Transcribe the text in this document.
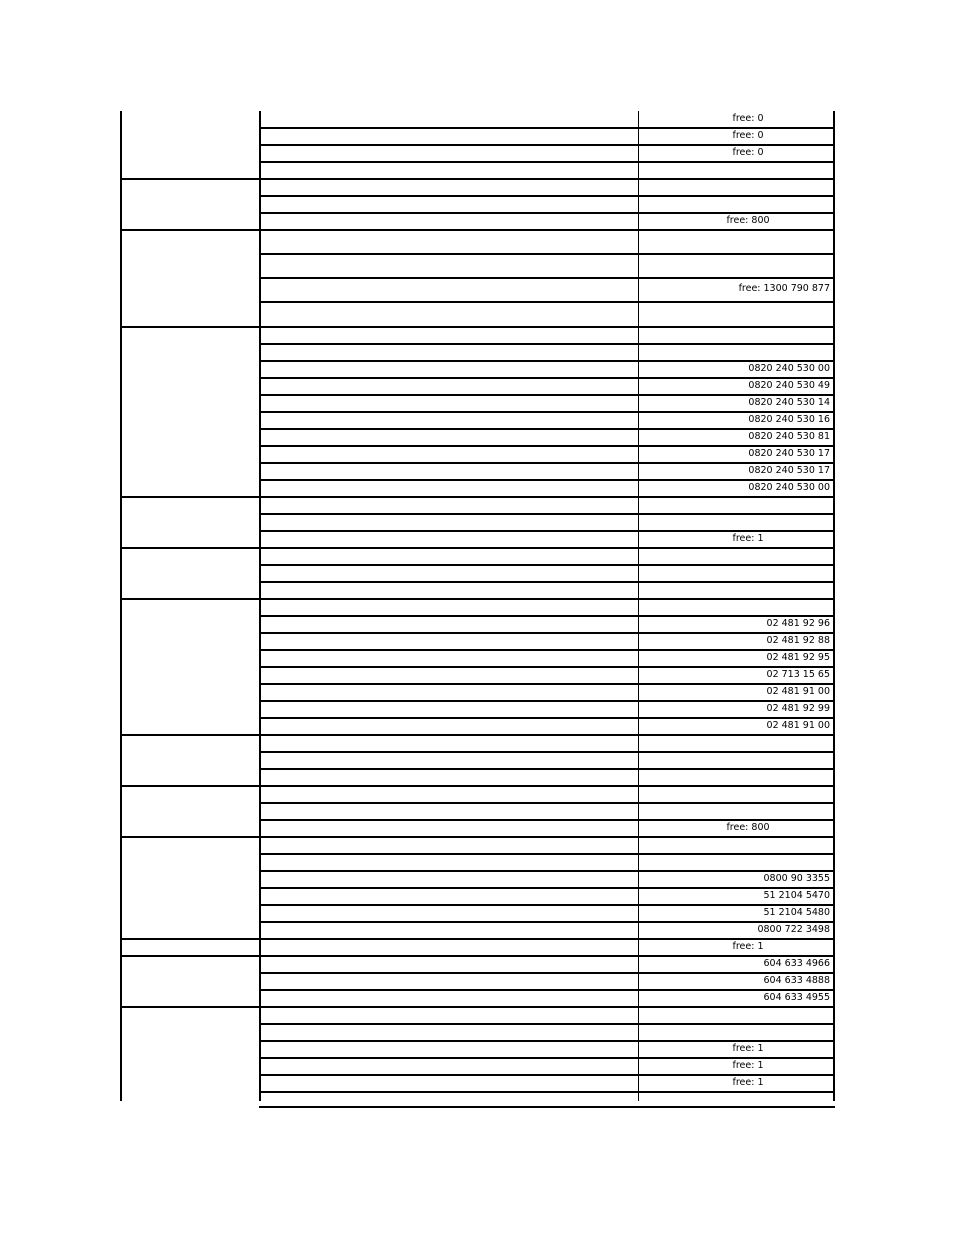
free: 0
free: 0
free: 0
free: 800
free: 1300 790 877
0820 240 530 00
0820 240 530 49
0820 240 530 14
0820 240 530 16
0820 240 530 81
0820 240 530 17
0820 240 530 17
0820 240 530 00
free: 1
02 481 92 96
02 481 92 88
02 481 92 95
02 713 15 65
02 481 91 00
02 481 92 99
02 481 91 00
free: 800
0800 90 3355
51 2104 5470
51 2104 5480
0800 722 3498
free: 1
604 633 4966
604 633 4888
604 633 4955
free: 1
free: 1
free: 1
